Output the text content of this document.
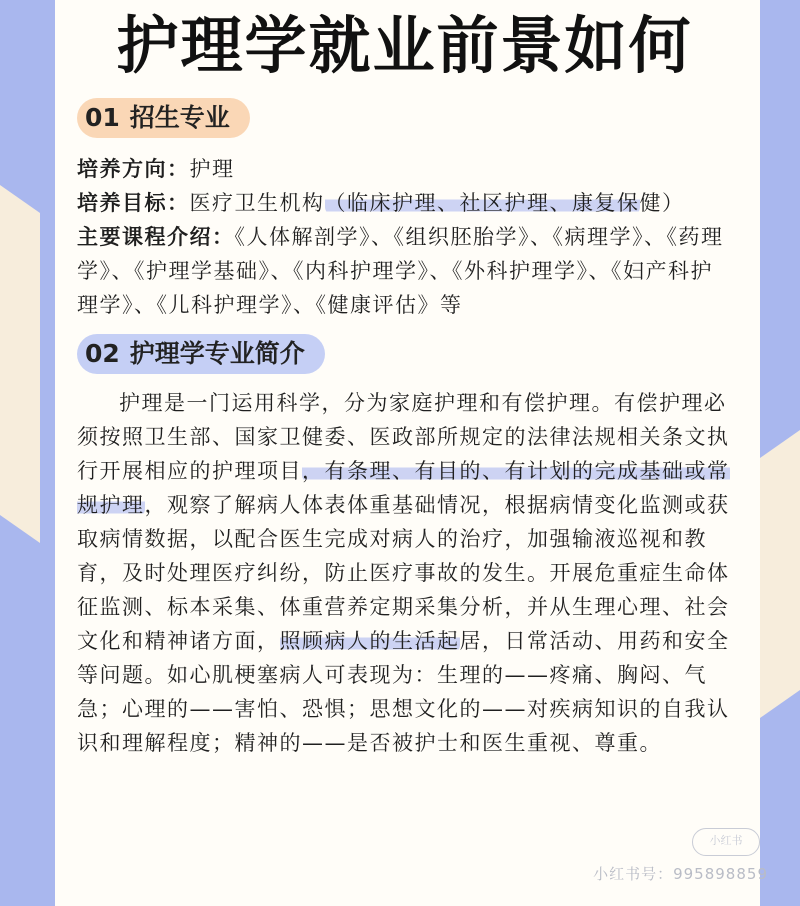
护理学就业前景如何
01 招生专业

培养方向：护理

培养目标：医疗卫生机构（临床护理、社区护理、康复保健）

主要课程介绍：《人体解剖学》、《组织胚胎学》、《病理学》、《药理学》、《护理学基础》、《内科护理学》、《外科护理学》、《妇产科护理学》、《儿科护理学》、《健康评估》等

02 护理学专业简介

护理是一门运用科学，分为家庭护理和有偿护理。有偿护理必须按照卫生部、国家卫健委、医政部所规定的法律法规相关条文执行开展相应的护理项目，有条理、有目的、有计划的完成基础或常规护理，观察了解病人体表体重基础情况，根据病情变化监测或获取病情数据，以配合医生完成对病人的治疗，加强输液巡视和教育，及时处理医疗纠纷，防止医疗事故的发生。开展危重症生命体征监测、标本采集、体重营养定期采集分析，并从生理心理、社会文化和精神诸方面，照顾病人的生活起居，日常活动、用药和安全等问题。如心肌梗塞病人可表现为：生理的——疼痛、胸闷、气急；心理的——害怕、恐惧；思想文化的——对疾病知识的自我认识和理解程度；精神的——是否被护士和医生重视、尊重。

小红书
小红书号：995898859
